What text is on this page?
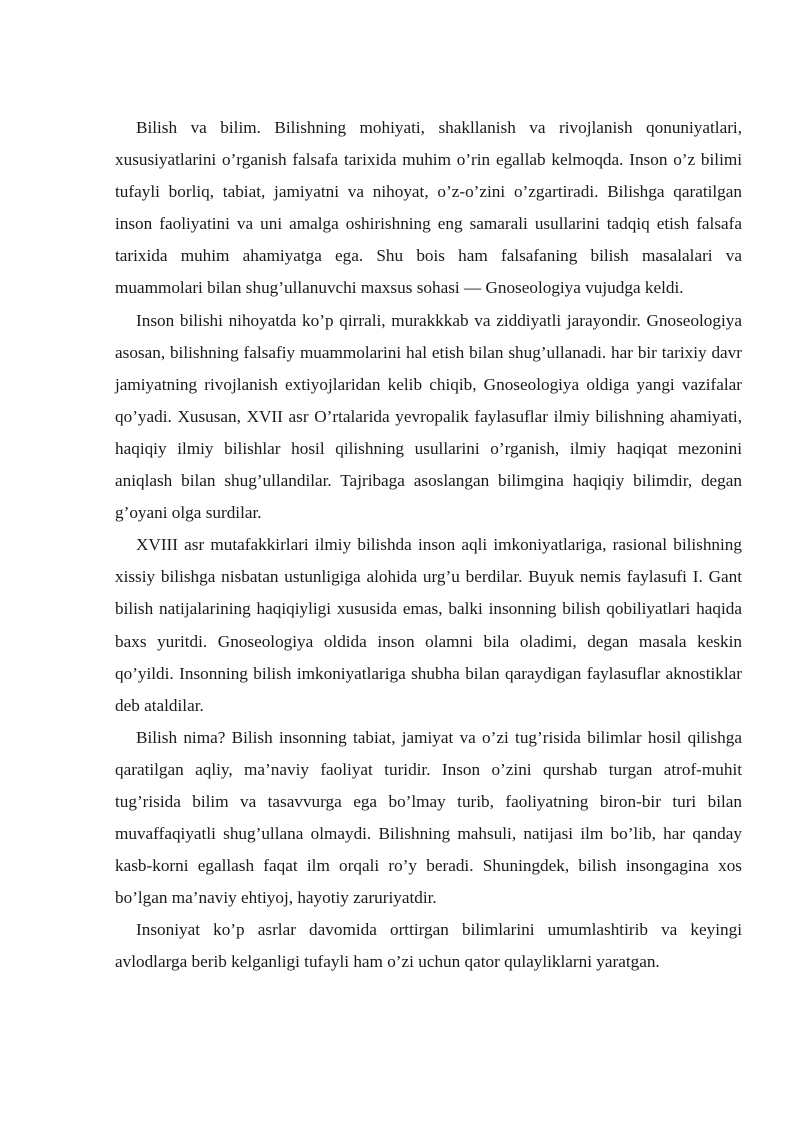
Bilish va bilim. Bilishning mohiyati, shakllanish va rivojlanish qonuniyatlari, xususiyatlarini o’rganish falsafa tarixida muhim o’rin egallab kelmoqda. Inson o’z bilimi tufayli borliq, tabiat, jamiyatni va nihoyat, o’z-o’zini o’zgartiradi. Bilishga qaratilgan inson faoliyatini va uni amalga oshirishning eng samarali usullarini tadqiq etish falsafa tarixida muhim ahamiyatga ega. Shu bois ham falsafaning bilish masalalari va muammolari bilan shug’ullanuvchi maxsus sohasi — Gnoseologiya vujudga keldi.

Inson bilishi nihoyatda ko’p qirrali, murakkkab va ziddiyatli jarayondir. Gnoseologiya asosan, bilishning falsafiy muammolarini hal etish bilan shug’ullanadi. har bir tarixiy davr jamiyatning rivojlanish extiyojlaridan kelib chiqib, Gnoseologiya oldiga yangi vazifalar qo’yadi. Xususan, XVII asr O’rtalarida yevropalik faylasuflar ilmiy bilishning ahamiyati, haqiqiy ilmiy bilishlar hosil qilishning usullarini o’rganish, ilmiy haqiqat mezonini aniqlash bilan shug’ullandilar. Tajribaga asoslangan bilimgina haqiqiy bilimdir, degan g’oyani olga surdilar.

XVIII asr mutafakkirlari ilmiy bilishda inson aqli imkoniyatlariga, rasional bilishning xissiy bilishga nisbatan ustunligiga alohida urg’u berdilar. Buyuk nemis faylasufi I. Gant bilish natijalarining haqiqiyligi xususida emas, balki insonning bilish qobiliyatlari haqida baxs yuritdi. Gnoseologiya oldida inson olamni bila oladimi, degan masala keskin qo’yildi. Insonning bilish imkoniyatlariga shubha bilan qaraydigan faylasuflar aknostiklar deb ataldilar.

Bilish nima? Bilish insonning tabiat, jamiyat va o’zi tug’risida bilimlar hosil qilishga qaratilgan aqliy, ma’naviy faoliyat turidir. Inson o’zini qurshab turgan atrof-muhit tug’risida bilim va tasavvurga ega bo’lmay turib, faoliyatning biron-bir turi bilan muvaffaqiyatli shug’ullana olmaydi. Bilishning mahsuli, natijasi ilm bo’lib, har qanday kasb-korni egallash faqat ilm orqali ro’y beradi. Shuningdek, bilish insongagina xos bo’lgan ma’naviy ehtiyoj, hayotiy zaruriyatdir.

Insoniyat ko’p asrlar davomida orttirgan bilimlarini umumlashtirib va keyingi avlodlarga berib kelganligi tufayli ham o’zi uchun qator qulayliklarni yaratgan.
